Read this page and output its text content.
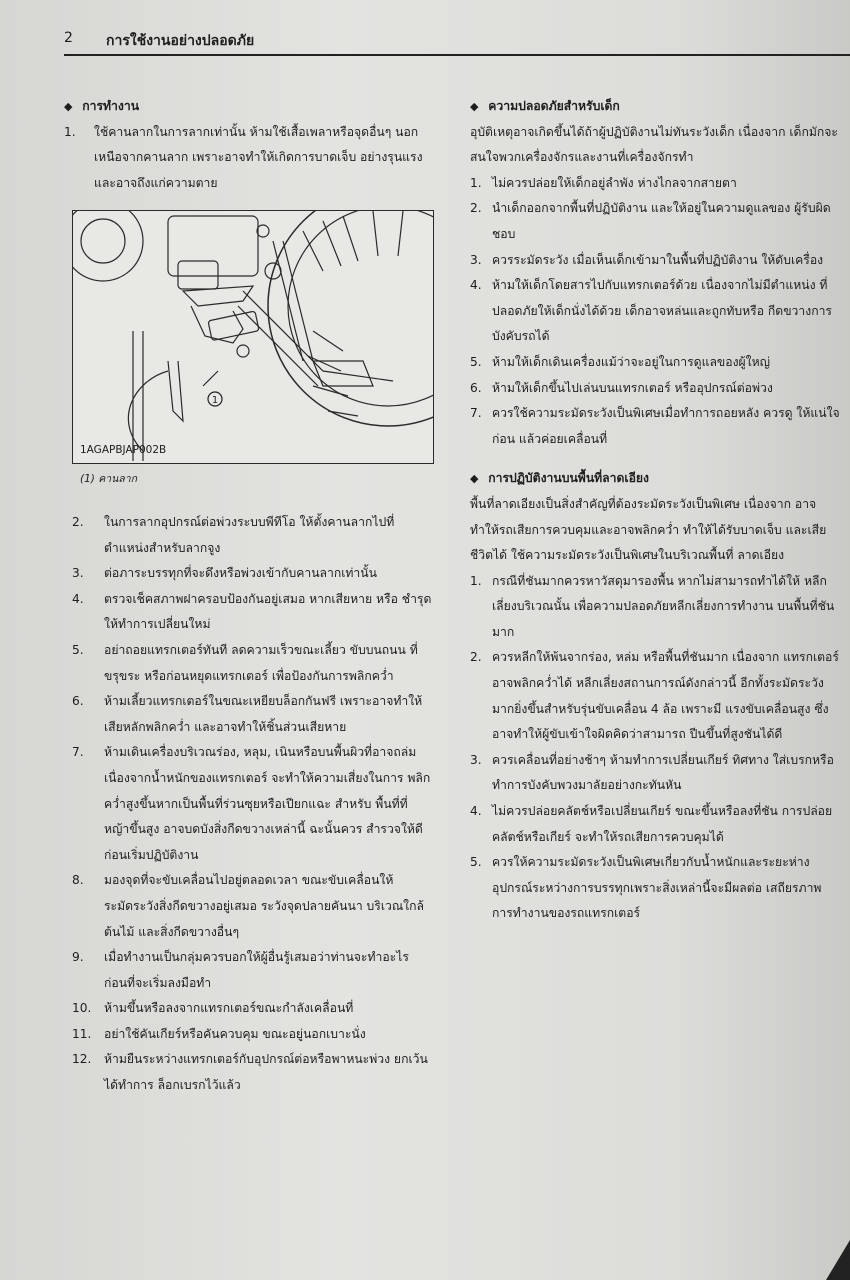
2 การใช้งานอย่างปลอดภัย

◆ การทำงาน

1.	ใช้คานลากในการลากเท่านั้น ห้ามใช้เสื้อเพลาหรือจุดอื่นๆ นอกเหนือจากคานลาก เพราะอาจทำให้เกิดการบาดเจ็บ อย่างรุนแรง และอาจถึงแก่ความตาย
1
1AGAPBJAP002B
(1) คานลาก
2.	ในการลากอุปกรณ์ต่อพ่วงระบบพีทีโอ ให้ตั้งคานลากไปที่ ตำแหน่งสำหรับลากจูง
3.	ต่อภาระบรรทุกที่จะดึงหรือพ่วงเข้ากับคานลากเท่านั้น
4.	ตรวจเช็คสภาพฝาครอบป้องกันอยู่เสมอ หากเสียหาย หรือ ชำรุดให้ทำการเปลี่ยนใหม่
5.	อย่าถอยแทรกเตอร์ทันที ลดความเร็วขณะเลี้ยว ขับบนถนน ที่ขรุขระ หรือก่อนหยุดแทรกเตอร์ เพื่อป้องกันการพลิกคว่ำ
6.	ห้ามเลี้ยวแทรกเตอร์ในขณะเหยียบล็อกกันฟรี เพราะอาจทำให้ เสียหลักพลิกคว่ำ และอาจทำให้ชิ้นส่วนเสียหาย
7.	ห้ามเดินเครื่องบริเวณร่อง, หลุม, เนินหรือบนพื้นผิวที่อาจถล่ม เนื่องจากน้ำหนักของแทรกเตอร์ จะทำให้ความเสี่ยงในการ พลิกคว่ำสูงขึ้นหากเป็นพื้นที่ร่วนซุยหรือเปียกแฉะ สำหรับ พื้นที่ที่หญ้าขึ้นสูง อาจบดบังสิ่งกีดขวางเหล่านี้ ฉะนั้นควร สำรวจให้ดีก่อนเริ่มปฏิบัติงาน
8.	มองจุดที่จะขับเคลื่อนไปอยู่ตลอดเวลา ขณะขับเคลื่อนให้ ระมัดระวังสิ่งกีดขวางอยู่เสมอ ระวังจุดปลายคันนา บริเวณใกล้ ต้นไม้ และสิ่งกีดขวางอื่นๆ
9.	เมื่อทำงานเป็นกลุ่มควรบอกให้ผู้อื่นรู้เสมอว่าท่านจะทำอะไร ก่อนที่จะเริ่มลงมือทำ
10.	ห้ามขึ้นหรือลงจากแทรกเตอร์ขณะกำลังเคลื่อนที่
11.	อย่าใช้คันเกียร์หรือคันควบคุม ขณะอยู่นอกเบาะนั่ง
12.	ห้ามยืนระหว่างแทรกเตอร์กับอุปกรณ์ต่อหรือพาหนะพ่วง ยกเว้นได้ทำการ ล็อกเบรกไว้แล้ว

◆ ความปลอดภัยสำหรับเด็ก

อุบัติเหตุอาจเกิดขึ้นได้ถ้าผู้ปฏิบัติงานไม่ทันระวังเด็ก เนื่องจาก เด็กมักจะสนใจพวกเครื่องจักรและงานที่เครื่องจักรทำ

1. ไม่ควรปล่อยให้เด็กอยู่ลำพัง ห่างไกลจากสายตา
2. นำเด็กออกจากพื้นที่ปฏิบัติงาน และให้อยู่ในความดูแลของ ผู้รับผิดชอบ
3. ควรระมัดระวัง เมื่อเห็นเด็กเข้ามาในพื้นที่ปฏิบัติงาน ให้ดับเครื่อง
4. ห้ามให้เด็กโดยสารไปกับแทรกเตอร์ด้วย เนื่องจากไม่มีตำแหน่ง ที่ปลอดภัยให้เด็กนั่งได้ด้วย เด็กอาจหล่นและถูกทับหรือ กีดขวางการบังคับรถได้
5. ห้ามให้เด็กเดินเครื่องแม้ว่าจะอยู่ในการดูแลของผู้ใหญ่
6. ห้ามให้เด็กขึ้นไปเล่นบนแทรกเตอร์ หรืออุปกรณ์ต่อพ่วง
7. ควรใช้ความระมัดระวังเป็นพิเศษเมื่อทำการถอยหลัง ควรดู ให้แน่ใจก่อน แล้วค่อยเคลื่อนที่

◆ การปฏิบัติงานบนพื้นที่ลาดเอียง

พื้นที่ลาดเอียงเป็นสิ่งสำคัญที่ต้องระมัดระวังเป็นพิเศษ เนื่องจาก อาจทำให้รถเสียการควบคุมและอาจพลิกคว่ำ ทำให้ได้รับบาดเจ็บ และเสียชีวิตได้ ใช้ความระมัดระวังเป็นพิเศษในบริเวณพื้นที่ ลาดเอียง

1. กรณีที่ชันมากควรหาวัสดุมารองพื้น หากไม่สามารถทำได้ให้ หลีกเลี่ยงบริเวณนั้น เพื่อความปลอดภัยหลีกเลี่ยงการทำงาน บนพื้นที่ชันมาก
2. ควรหลีกให้พ้นจากร่อง, หล่ม หรือพื้นที่ชันมาก เนื่องจาก แทรกเตอร์อาจพลิกคว่ำได้ หลีกเลี่ยงสถานการณ์ดังกล่าวนี้ อีกทั้งระมัดระวังมากยิ่งขึ้นสำหรับรุ่นขับเคลื่อน 4 ล้อ เพราะมี แรงขับเคลื่อนสูง ซึ่งอาจทำให้ผู้ขับเข้าใจผิดคิดว่าสามารถ ปีนขึ้นที่สูงชันได้ดี
3. ควรเคลื่อนที่อย่างช้าๆ ห้ามทำการเปลี่ยนเกียร์ ทิศทาง ใส่เบรกหรือทำการบังคับพวงมาลัยอย่างกะทันหัน
4. ไม่ควรปล่อยคลัตช์หรือเปลี่ยนเกียร์ ขณะขึ้นหรือลงที่ชัน การปล่อยคลัตช์หรือเกียร์ จะทำให้รถเสียการควบคุมได้
5. ควรให้ความระมัดระวังเป็นพิเศษเกี่ยวกับน้ำหนักและระยะห่าง อุปกรณ์ระหว่างการบรรทุกเพราะสิ่งเหล่านี้จะมีผลต่อ เสถียรภาพการทำงานของรถแทรกเตอร์
